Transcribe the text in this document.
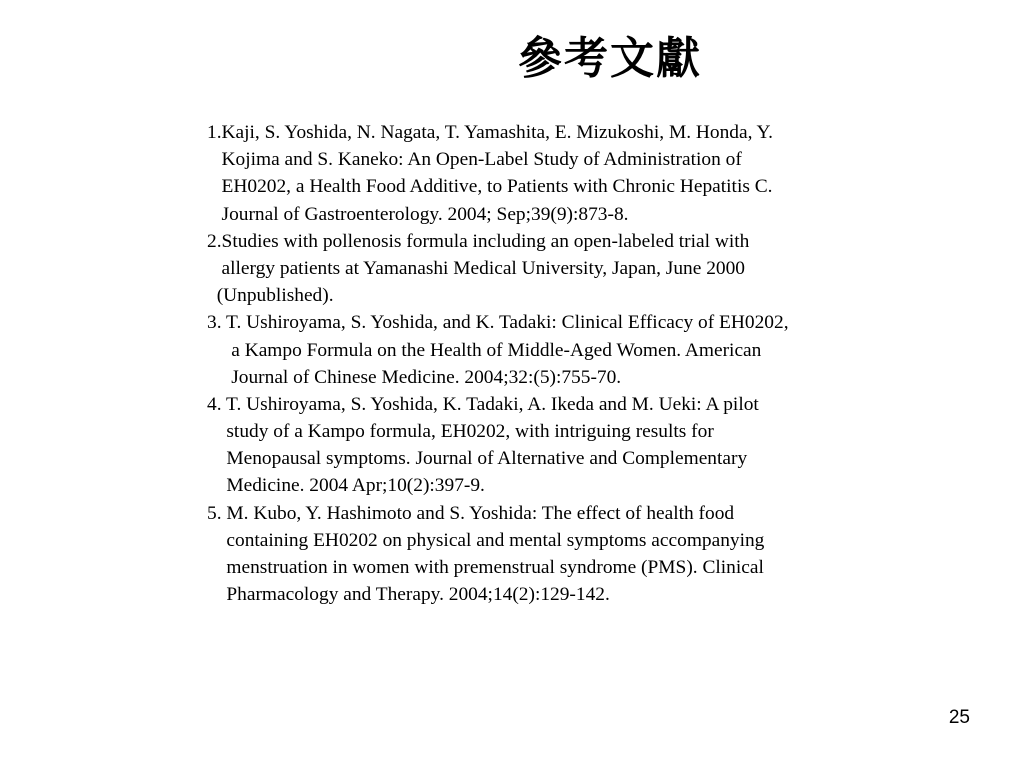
參考文獻
1.Kaji, S. Yoshida, N. Nagata, T. Yamashita, E. Mizukoshi, M. Honda, Y.
Kojima and S. Kaneko: An Open-Label Study of Administration of
EH0202, a Health Food Additive, to Patients with Chronic Hepatitis C.
Journal of Gastroenterology. 2004; Sep;39(9):873-8.
2.Studies with pollenosis formula including an open-labeled trial with
allergy patients at Yamanashi Medical University, Japan, June 2000
(Unpublished).
3. T. Ushiroyama, S. Yoshida, and K. Tadaki: Clinical Efficacy of EH0202,
a Kampo Formula on the Health of Middle-Aged Women. American
Journal of Chinese Medicine. 2004;32:(5):755-70.
4. T. Ushiroyama, S. Yoshida, K. Tadaki, A. Ikeda and M. Ueki: A pilot
study of a Kampo formula, EH0202, with intriguing results for
Menopausal symptoms. Journal of Alternative and Complementary
Medicine. 2004 Apr;10(2):397-9.
5. M. Kubo, Y. Hashimoto and S. Yoshida: The effect of health food
containing EH0202 on physical and mental symptoms accompanying
menstruation in women with premenstrual syndrome (PMS). Clinical
Pharmacology and Therapy. 2004;14(2):129-142.
25
